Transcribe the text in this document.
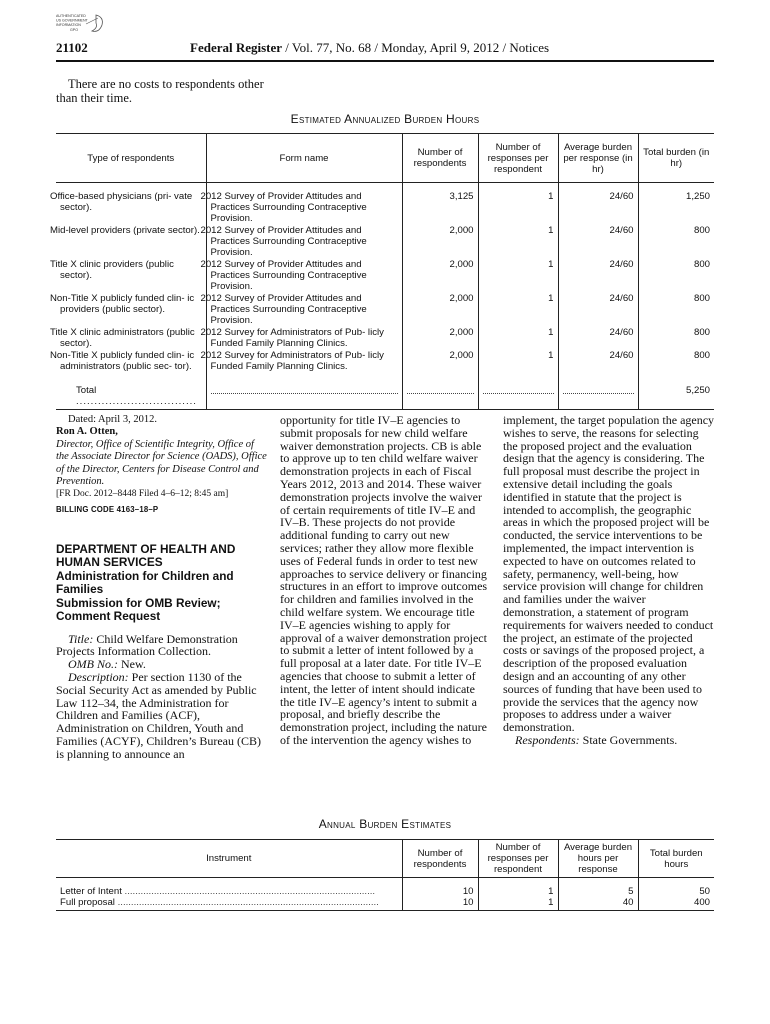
AUTHENTICATED
US GOVERNMENT
INFORMATION
GPO
21102	Federal Register / Vol. 77, No. 68 / Monday, April 9, 2012 / Notices
There are no costs to respondents other than their time.
Estimated Annualized Burden Hours
Type of respondents	Form name	Number of respondents	Number of responses per respondent	Average burden per response (in hr)	Total burden (in hr)
Office-based physicians (pri- vate sector).	2012 Survey of Provider Attitudes and Practices Surrounding Contraceptive Provision.	3,125	1	24/60	1,250
Mid-level providers (private sector).	2012 Survey of Provider Attitudes and Practices Surrounding Contraceptive Provision.	2,000	1	24/60	800
Title X clinic providers (public sector).	2012 Survey of Provider Attitudes and Practices Surrounding Contraceptive Provision.	2,000	1	24/60	800
Non-Title X publicly funded clin- ic providers (public sector).	2012 Survey of Provider Attitudes and Practices Surrounding Contraceptive Provision.	2,000	1	24/60	800
Title X clinic administrators (public sector).	2012 Survey for Administrators of Pub- licly Funded Family Planning Clinics.	2,000	1	24/60	800
Non-Title X publicly funded clin- ic administrators (public sec- tor).	2012 Survey for Administrators of Pub- licly Funded Family Planning Clinics.	2,000	1	24/60	800
Total .................................					5,250

Dated: April 3, 2012.

Ron A. Otten,

Director, Office of Scientific Integrity, Office of the Associate Director for Science (OADS), Office of the Director, Centers for Disease Control and Prevention.

[FR Doc. 2012–8448 Filed 4–6–12; 8:45 am]

BILLING CODE 4163–18–P

DEPARTMENT OF HEALTH AND HUMAN SERVICES

Administration for Children and Families

Submission for OMB Review; Comment Request

Title: Child Welfare Demonstration Projects Information Collection.

OMB No.: New.

Description: Per section 1130 of the Social Security Act as amended by Public Law 112–34, the Administration for Children and Families (ACF), Administration on Children, Youth and Families (ACYF), Children’s Bureau (CB) is planning to announce an

opportunity for title IV–E agencies to submit proposals for new child welfare waiver demonstration projects. CB is able to approve up to ten child welfare waiver demonstration projects in each of Fiscal Years 2012, 2013 and 2014. These waiver demonstration projects involve the waiver of certain requirements of title IV–E and IV–B. These projects do not provide additional funding to carry out new services; rather they allow more flexible uses of Federal funds in order to test new approaches to service delivery or financing structures in an effort to improve outcomes for children and families involved in the child welfare system. We encourage title IV–E agencies wishing to apply for approval of a waiver demonstration project to submit a letter of intent followed by a full proposal at a later date. For title IV–E agencies that choose to submit a letter of intent, the letter of intent should indicate the title IV–E agency’s intent to submit a proposal, and briefly describe the demonstration project, including the nature of the intervention the agency wishes to

implement, the target population the agency wishes to serve, the reasons for selecting the proposed project and the evaluation design that the agency is considering. The full proposal must describe the project in extensive detail including the goals identified in statute that the project is intended to accomplish, the geographic areas in which the proposed project will be conducted, the service interventions to be implemented, the impact intervention is expected to have on outcomes related to safety, permanency, well-being, how service provision will change for children and families under the waiver demonstration, a statement of program requirements for waivers needed to conduct the project, an estimate of the projected costs or savings of the proposed project, a description of the proposed evaluation design and an accounting of any other sources of funding that have been used to provide the services that the agency now proposes to address under a waiver demonstration.

Respondents: State Governments.

Annual Burden Estimates
Instrument	Number of respondents	Number of responses per respondent	Average burden hours per response	Total burden hours
Letter of Intent ..............................................................................................	10	1	5	50
Full proposal ..................................................................................................	10	1	40	400
